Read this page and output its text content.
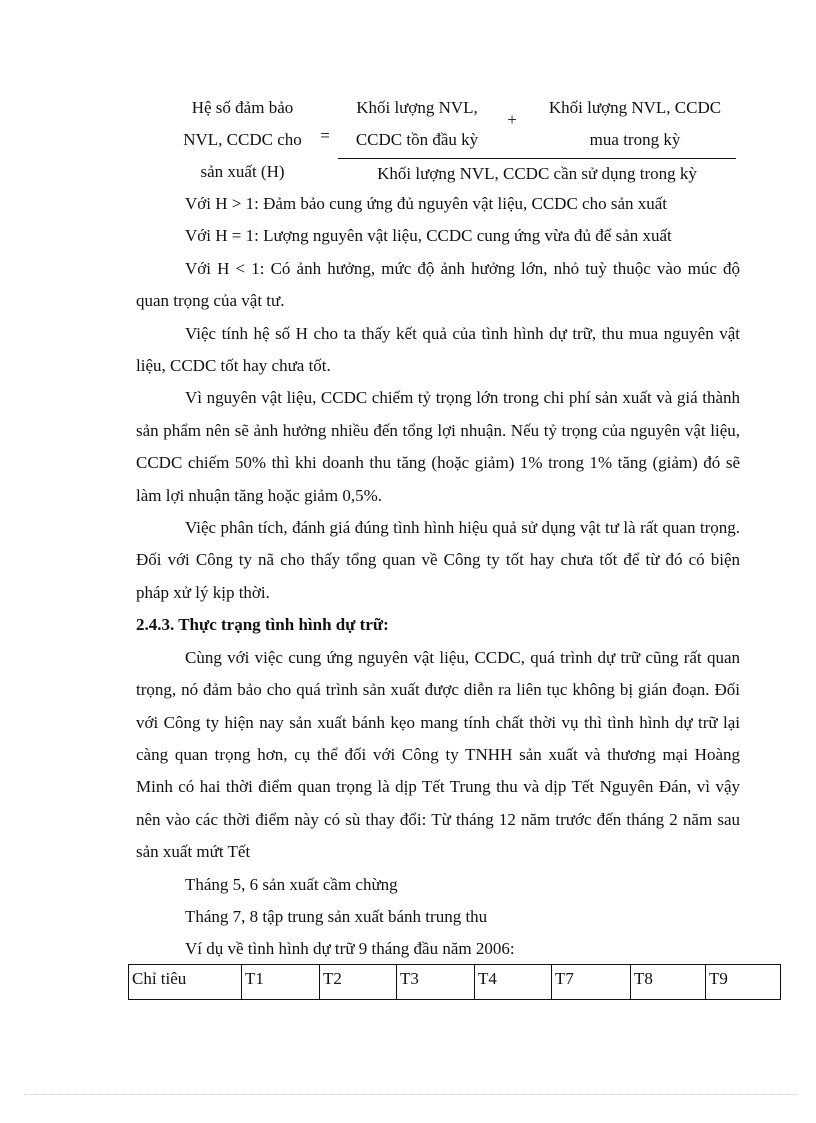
Hệ số đảm bảo
NVL, CCDC cho
sản xuất (H)
=
Khối lượng NVL,
CCDC tồn đầu kỳ
+
Khối lượng NVL, CCDC
mua trong kỳ
Khối lượng NVL, CCDC cần sử dụng trong kỳ

Với H > 1: Đảm bảo cung ứng đủ nguyên vật liệu, CCDC cho sản xuất

Với H = 1: Lượng nguyên vật liệu, CCDC cung ứng vừa đủ để sản xuất

Với H < 1: Có ảnh hưởng, mức độ ảnh hưởng lớn, nhỏ tuỳ thuộc vào múc độ quan trọng của vật tư.

Việc tính hệ số H cho ta thấy kết quả của tình hình dự trữ, thu mua nguyên vật liệu, CCDC tốt hay chưa tốt.

Vì nguyên vật liệu, CCDC chiếm tỷ trọng lớn trong chi phí sản xuất và giá thành sản phẩm nên sẽ ảnh hưởng nhiều đến tổng lợi nhuận. Nếu tỷ trọng của nguyên vật liệu, CCDC chiếm 50% thì khi doanh thu tăng (hoặc giảm) 1% trong 1% tăng (giảm) đó sẽ làm lợi nhuận tăng hoặc giảm 0,5%.

Việc phân tích, đánh giá đúng tình hình hiệu quả sử dụng vật tư là rất quan trọng. Đối với Công ty nã cho thấy tổng quan về Công ty tốt hay chưa tốt để từ đó có biện pháp xử lý kịp thời.

2.4.3. Thực trạng tình hình dự trữ:

Cùng với việc cung ứng nguyên vật liệu, CCDC, quá trình dự trữ cũng rất quan trọng, nó đảm bảo cho quá trình sản xuất được diễn ra liên tục không bị gián đoạn. Đối với Công ty hiện nay sản xuất bánh kẹo mang tính chất thời vụ thì tình hình dự trữ lại càng quan trọng hơn, cụ thể đối với Công ty TNHH sản xuất và thương mại Hoàng Minh có hai thời điểm quan trọng là dịp Tết Trung thu và dịp Tết Nguyên Đán, vì vậy nên vào các thời điểm này có sù thay đổi: Từ tháng 12 năm trước đến tháng 2 năm sau sản xuất mứt Tết

Tháng 5, 6 sản xuất cầm chừng

Tháng 7, 8 tập trung sản xuất bánh trung thu

Ví dụ về tình hình dự trữ 9 tháng đầu năm 2006:

Chỉ tiêu	T1	T2	T3	T4	T7	T8	T9
